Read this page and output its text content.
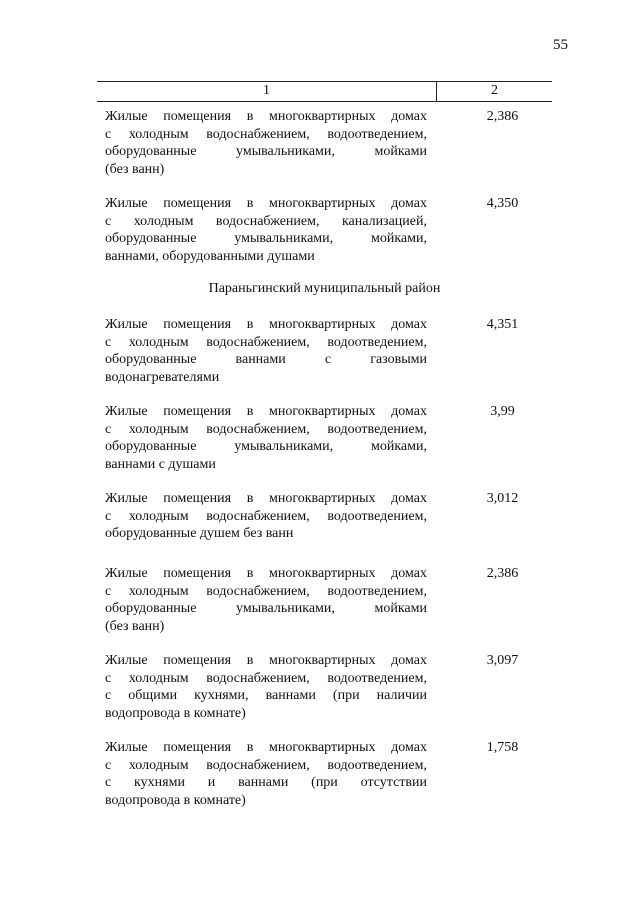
55
1	2
Параньгинский муниципальный район
Жилые помещения в многоквартирных домах
с холодным водоснабжением, водоотведением,
оборудованные умывальниками, мойками
(без ванн)
2,386
Жилые помещения в многоквартирных домах
с холодным водоснабжением, канализацией,
оборудованные умывальниками, мойками,
ваннами, оборудованными душами
4,350
Жилые помещения в многоквартирных домах
с холодным водоснабжением, водоотведением,
оборудованные ваннами с газовыми
водонагревателями
4,351
Жилые помещения в многоквартирных домах
с холодным водоснабжением, водоотведением,
оборудованные умывальниками, мойками,
ваннами с душами
3,99
Жилые помещения в многоквартирных домах
с холодным водоснабжением, водоотведением,
оборудованные душем без ванн
3,012
Жилые помещения в многоквартирных домах
с холодным водоснабжением, водоотведением,
оборудованные умывальниками, мойками
(без ванн)
2,386
Жилые помещения в многоквартирных домах
с холодным водоснабжением, водоотведением,
с общими кухнями, ваннами (при наличии
водопровода в комнате)
3,097
Жилые помещения в многоквартирных домах
с холодным водоснабжением, водоотведением,
с кухнями и ваннами (при отсутствии
водопровода в комнате)
1,758
